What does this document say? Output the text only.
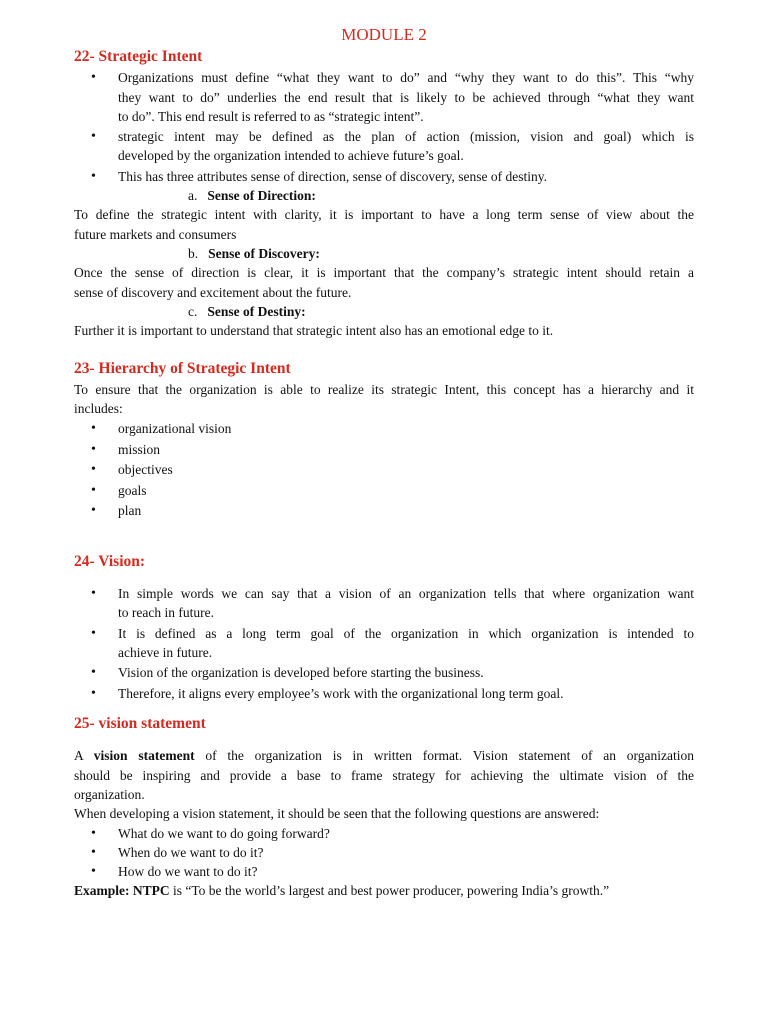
MODULE 2
22- Strategic Intent
• Organizations must define “what they want to do” and “why they want to do this”. This “why
they want to do” underlies the end result that is likely to be achieved through “what they want
to do”. This end result is referred to as “strategic intent”.
• strategic intent may be defined as the plan of action (mission, vision and goal) which is
developed by the organization intended to achieve future’s goal.
• This has three attributes sense of direction, sense of discovery, sense of destiny.
a. Sense of Direction:
To define the strategic intent with clarity, it is important to have a long term sense of view about the
future markets and consumers
b. Sense of Discovery:
Once the sense of direction is clear, it is important that the company’s strategic intent should retain a
sense of discovery and excitement about the future.
c. Sense of Destiny:
Further it is important to understand that strategic intent also has an emotional edge to it.
23- Hierarchy of Strategic Intent
To ensure that the organization is able to realize its strategic Intent, this concept has a hierarchy and it
includes:
• organizational vision
• mission
• objectives
• goals
• plan
24- Vision:
• In simple words we can say that a vision of an organization tells that where organization want
to reach in future.
• It is defined as a long term goal of the organization in which organization is intended to
achieve in future.
• Vision of the organization is developed before starting the business.
• Therefore, it aligns every employee’s work with the organizational long term goal.
25- vision statement
A vision statement of the organization is in written format. Vision statement of an organization
should be inspiring and provide a base to frame strategy for achieving the ultimate vision of the
organization.
When developing a vision statement, it should be seen that the following questions are answered:
• What do we want to do going forward?
• When do we want to do it?
• How do we want to do it?
Example: NTPC is “To be the world’s largest and best power producer, powering India’s growth.”
